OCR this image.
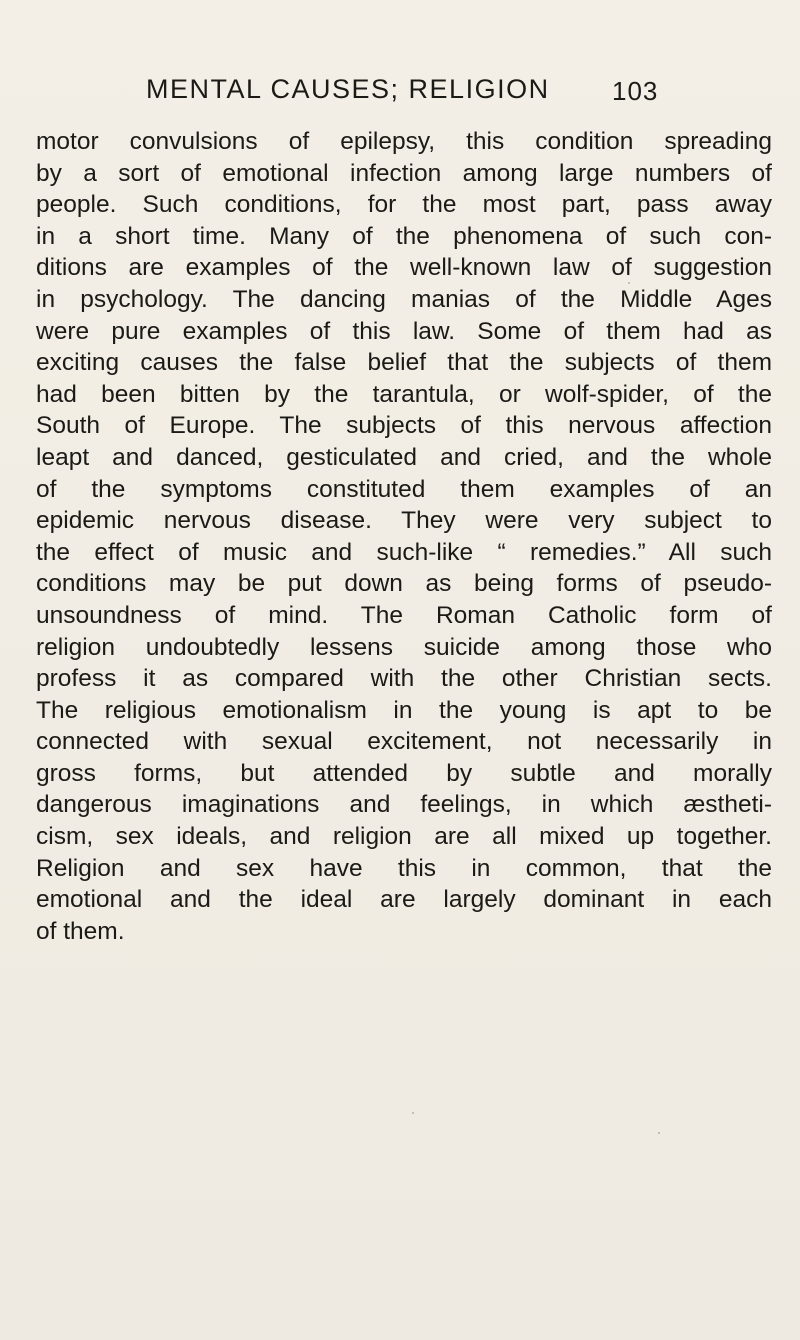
MENTAL CAUSES; RELIGION 103
motor convulsions of epilepsy, this condition spreading
by a sort of emotional infection among large numbers of
people. Such conditions, for the most part, pass away
in a short time. Many of the phenomena of such con-
ditions are examples of the well-known law of suggestion
in psychology. The dancing manias of the Middle Ages
were pure examples of this law. Some of them had as
exciting causes the false belief that the subjects of them
had been bitten by the tarantula, or wolf-spider, of the
South of Europe. The subjects of this nervous affection
leapt and danced, gesticulated and cried, and the whole
of the symptoms constituted them examples of an
epidemic nervous disease. They were very subject to
the effect of music and such-like “ remedies.” All such
conditions may be put down as being forms of pseudo-
unsoundness of mind. The Roman Catholic form of
religion undoubtedly lessens suicide among those who
profess it as compared with the other Christian sects.
The religious emotionalism in the young is apt to be
connected with sexual excitement, not necessarily in
gross forms, but attended by subtle and morally
dangerous imaginations and feelings, in which æstheti-
cism, sex ideals, and religion are all mixed up together.
Religion and sex have this in common, that the
emotional and the ideal are largely dominant in each
of them.
